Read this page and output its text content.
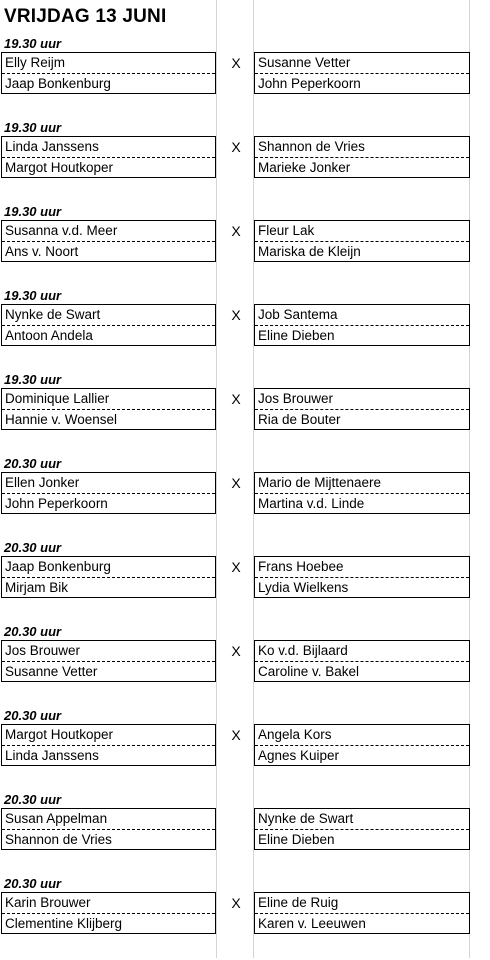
VRIJDAG 13 JUNI
19.30 uur
Elly Reijm
Jaap Bonkenburg
X Susanne Vetter
John Peperkoorn
19.30 uur
Linda Janssens
Margot Houtkoper
X Shannon de Vries
Marieke Jonker
19.30 uur
Susanna v.d. Meer
Ans v. Noort
X Fleur Lak
Mariska de Kleijn
19.30 uur
Nynke de Swart
Antoon Andela
X Job Santema
Eline Dieben
19.30 uur
Dominique Lallier
Hannie v. Woensel
X Jos Brouwer
Ria de Bouter
20.30 uur
Ellen Jonker
John Peperkoorn
X Mario de Mijttenaere
Martina v.d. Linde
20.30 uur
Jaap Bonkenburg
Mirjam Bik
X Frans Hoebee
Lydia Wielkens
20.30 uur
Jos Brouwer
Susanne Vetter
X Ko v.d. Bijlaard
Caroline v. Bakel
20.30 uur
Margot Houtkoper
Linda Janssens
X Angela Kors
Agnes Kuiper
20.30 uur
Susan Appelman
Shannon de Vries
Nynke de Swart
Eline Dieben
20.30 uur
Karin Brouwer
Clementine Klijberg
X Eline de Ruig
Karen v. Leeuwen
